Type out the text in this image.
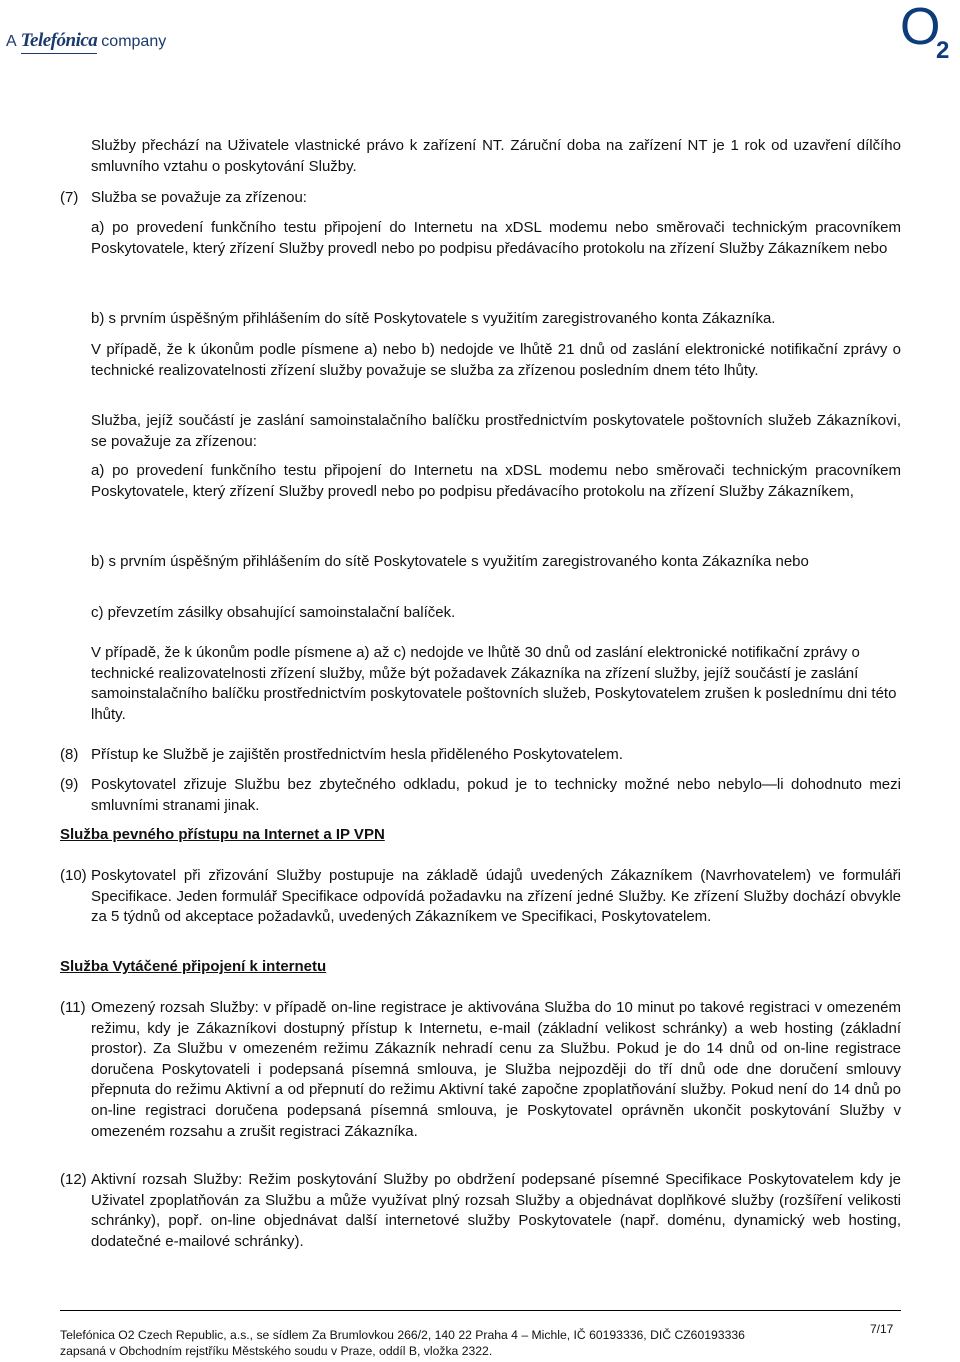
A Telefónica company	O
2

Služby přechází na Uživatele vlastnické právo k zařízení NT. Záruční doba na zařízení NT je 1 rok od uzavření dílčího smluvního vztahu o poskytování Služby.

(7) Služba se považuje za zřízenou:

a) po provedení funkčního testu připojení do Internetu na xDSL modemu nebo směrovači technickým pracovníkem Poskytovatele, který zřízení Služby provedl nebo po podpisu předávacího protokolu na zřízení Služby Zákazníkem nebo

b) s prvním úspěšným přihlášením do sítě Poskytovatele s využitím zaregistrovaného konta Zákazníka.

V případě, že k úkonům podle písmene a) nebo b) nedojde ve lhůtě 21 dnů od zaslání elektronické notifikační zprávy o technické realizovatelnosti zřízení služby považuje se služba za zřízenou posledním dnem této lhůty.

Služba, jejíž součástí je zaslání samoinstalačního balíčku prostřednictvím poskytovatele poštovních služeb Zákazníkovi, se považuje za zřízenou:

a) po provedení funkčního testu připojení do Internetu na xDSL modemu nebo směrovači technickým pracovníkem Poskytovatele, který zřízení Služby provedl nebo po podpisu předávacího protokolu na zřízení Služby Zákazníkem,

b) s prvním úspěšným přihlášením do sítě Poskytovatele s využitím zaregistrovaného konta Zákazníka nebo

c) převzetím zásilky obsahující samoinstalační balíček.

V případě, že k úkonům podle písmene a) až c) nedojde ve lhůtě 30 dnů od zaslání elektronické notifikační zprávy o technické realizovatelnosti zřízení služby, může být požadavek Zákazníka na zřízení služby, jejíž součástí je zaslání samoinstalačního balíčku prostřednictvím poskytovatele poštovních služeb, Poskytovatelem zrušen k poslednímu dni této lhůty.

(8) Přístup ke Službě je zajištěn prostřednictvím hesla přiděleného Poskytovatelem.
(9) Poskytovatel zřizuje Službu bez zbytečného odkladu, pokud je to technicky možné nebo nebylo—li dohodnuto mezi smluvními stranami jinak.

Služba pevného přístupu na Internet a IP VPN

(10) Poskytovatel při zřizování Služby postupuje na základě údajů uvedených Zákazníkem (Navrhovatelem) ve formuláři Specifikace. Jeden formulář Specifikace odpovídá požadavku na zřízení jedné Služby. Ke zřízení Služby dochází obvykle za 5 týdnů od akceptace požadavků, uvedených Zákazníkem ve Specifikaci, Poskytovatelem.

Služba Vytáčené připojení k internetu

(11) Omezený rozsah Služby: v případě on-line registrace je aktivována Služba do 10 minut po takové registraci v omezeném režimu, kdy je Zákazníkovi dostupný přístup k Internetu, e-mail (základní velikost schránky) a web hosting (základní prostor). Za Službu v omezeném režimu Zákazník nehradí cenu za Službu. Pokud je do 14 dnů od on-line registrace doručena Poskytovateli i podepsaná písemná smlouva, je Služba nejpozději do tří dnů ode dne doručení smlouvy přepnuta do režimu Aktivní a od přepnutí do režimu Aktivní také započne zpoplatňování služby. Pokud není do 14 dnů po on-line registraci doručena podepsaná písemná smlouva, je Poskytovatel oprávněn ukončit poskytování Služby v omezeném rozsahu a zrušit registraci Zákazníka.
(12) Aktivní rozsah Služby: Režim poskytování Služby po obdržení podepsané písemné Specifikace Poskytovatelem kdy je Uživatel zpoplatňován za Službu a může využívat plný rozsah Služby a objednávat doplňkové služby (rozšíření velikosti schránky), popř. on-line objednávat další internetové služby Poskytovatele (např. doménu, dynamický web hosting, dodatečné e-mailové schránky).

Telefónica O2 Czech Republic, a.s., se sídlem Za Brumlovkou 266/2, 140 22 Praha 4 – Michle, IČ 60193336, DIČ CZ60193336

zapsaná v Obchodním rejstříku Městského soudu v Praze, oddíl B, vložka 2322.

7/17
